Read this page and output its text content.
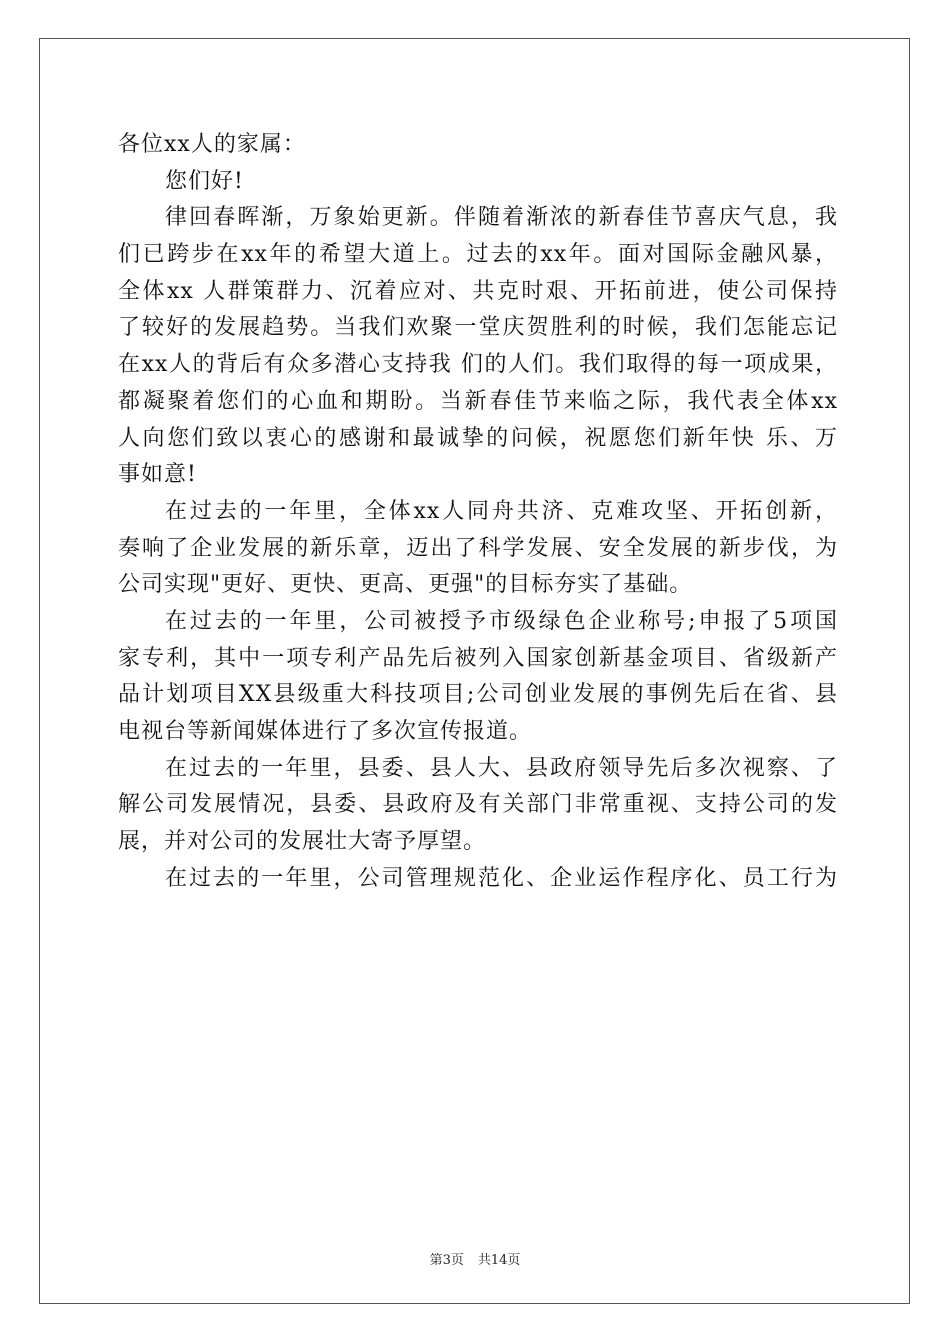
各位xx人的家属：
您们好!
律回春晖渐，万象始更新。伴随着渐浓的新春佳节喜庆气息，我
们已跨步在xx年的希望大道上。过去的xx年。面对国际金融风暴，
全体xx 人群策群力、沉着应对、共克时艰、开拓前进，使公司保持
了较好的发展趋势。当我们欢聚一堂庆贺胜利的时候，我们怎能忘记
在xx人的背后有众多潜心支持我 们的人们。我们取得的每一项成果，
都凝聚着您们的心血和期盼。当新春佳节来临之际，我代表全体xx
人向您们致以衷心的感谢和最诚挚的问候，祝愿您们新年快 乐、万
事如意!
在过去的一年里，全体xx人同舟共济、克难攻坚、开拓创新，
奏响了企业发展的新乐章，迈出了科学发展、安全发展的新步伐，为
公司实现"更好、更快、更高、更强"的目标夯实了基础。
在过去的一年里，公司被授予市级绿色企业称号;申报了5项国
家专利，其中一项专利产品先后被列入国家创新基金项目、省级新产
品计划项目XX县级重大科技项目;公司创业发展的事例先后在省、县
电视台等新闻媒体进行了多次宣传报道。
在过去的一年里，县委、县人大、县政府领导先后多次视察、了
解公司发展情况，县委、县政府及有关部门非常重视、支持公司的发
展，并对公司的发展壮大寄予厚望。
在过去的一年里，公司管理规范化、企业运作程序化、员工行为
第3页 共14页
